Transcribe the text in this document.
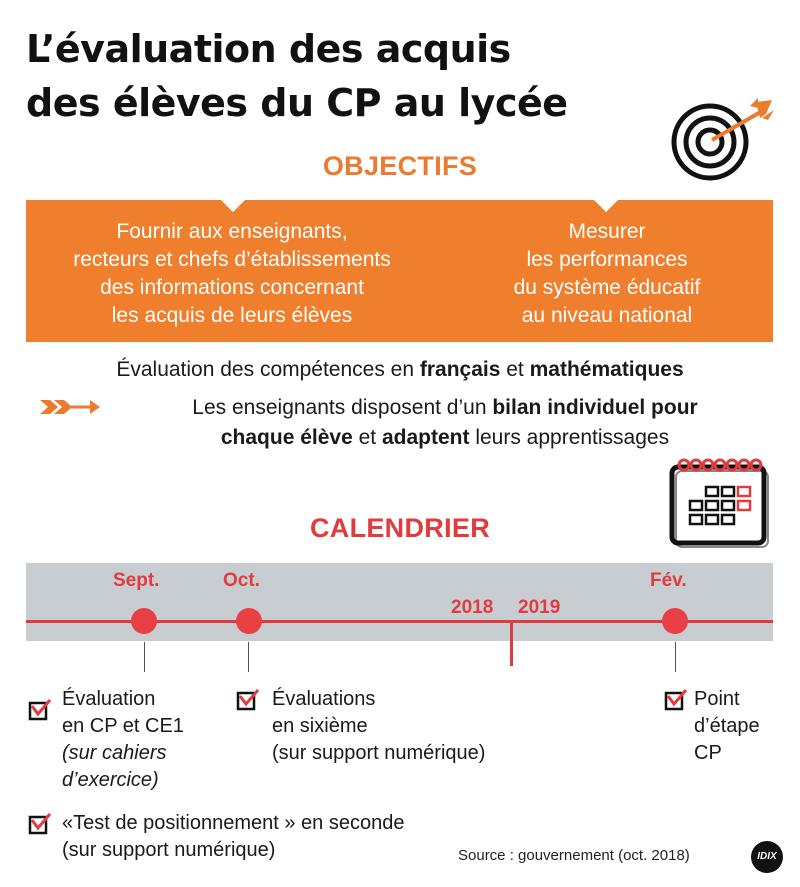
L’évaluation des acquis
des élèves du CP au lycée
OBJECTIFS
Fournir aux enseignants,
recteurs et chefs d’établissements
des informations concernant
les acquis de leurs élèves
Mesurer
les performances
du système éducatif
au niveau national
Évaluation des compétences en français et mathématiques
Les enseignants disposent d’un bilan individuel pour
chaque élève et adaptent leurs apprentissages
CALENDRIER
Sept.	Oct.	Fév.
2018 2019
Évaluation
en CP et CE1
(sur cahiers
d’exercice)
Évaluations
en sixième
(sur support numérique)
Point
d’étape
CP
«Test de positionnement » en seconde
(sur support numérique)	Source : gouvernement (oct. 2018)	IDIX
